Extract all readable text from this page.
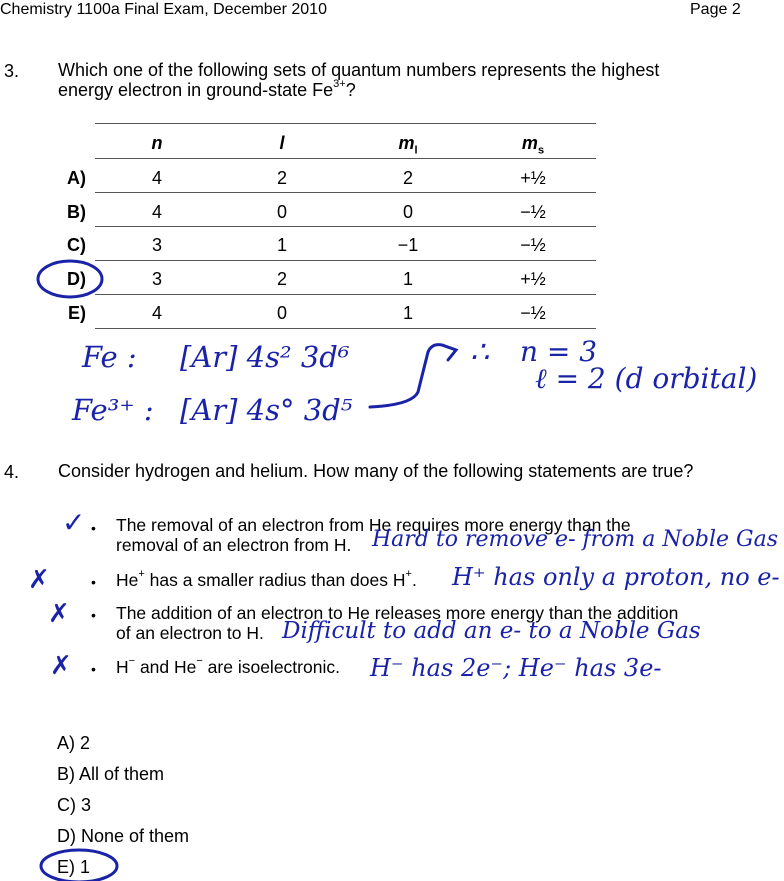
Chemistry 1100a Final Exam, December 2010	Page 2
3. Which one of the following sets of quantum numbers represents the highest
energy electron in ground-state $Fe^{3+}$?
n	l	$m_l$	$m_s$
A)	4	2	2	+½
B)	4	0	0	−½
C)	3	1	−1	−½
D)	3	2	1	+½
E)	4	0	1	−½
Fe : [Ar] 4s² 3d⁶
Fe³⁺ : [Ar] 4s° 3d⁵
∴ n = 3
ℓ = 2 (d orbital)
4. Consider hydrogen and helium. How many of the following statements are true?
✓ • The removal of an electron from He requires more energy than the
removal of an electron from H. Hard to remove e- from a Noble Gas
✗	• He+ has a smaller radius than does H+. H⁺ has only a proton, no e-
✗ • The addition of an electron to He releases more energy than the addition
of an electron to H. Difficult to add an e- to a Noble Gas
✗ • H− and He− are isoelectronic. H⁻ has 2e⁻; He⁻ has 3e-
A) 2
B) All of them
C) 3
D) None of them
E) 1
